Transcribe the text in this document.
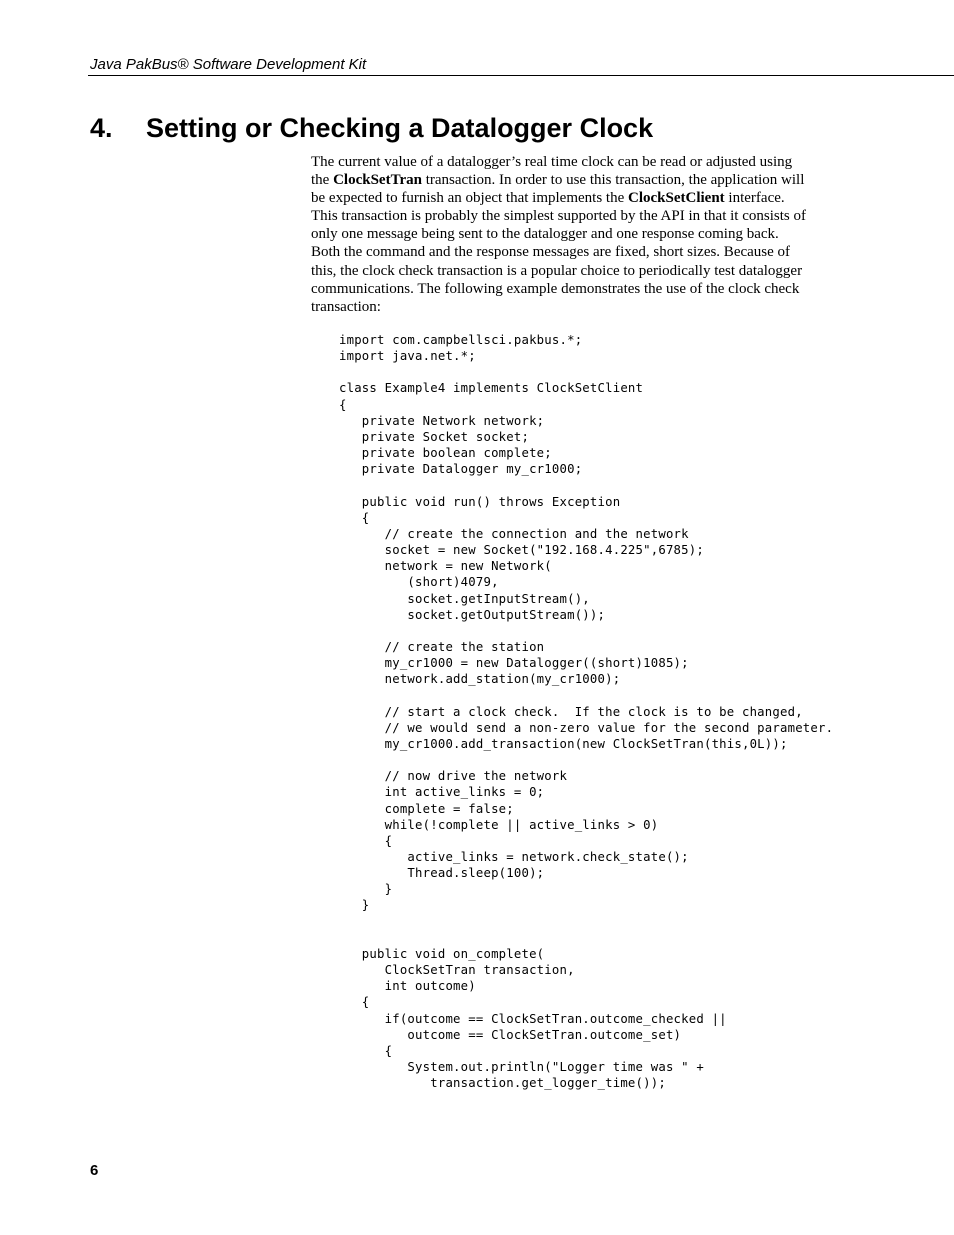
Java PakBus® Software Development Kit
4. Setting or Checking a Datalogger Clock

The current value of a datalogger’s real time clock can be read or adjusted using the ClockSetTran transaction. In order to use this transaction, the application will be expected to furnish an object that implements the ClockSetClient interface. This transaction is probably the simplest supported by the API in that it consists of only one message being sent to the datalogger and one response coming back. Both the command and the response messages are fixed, short sizes. Because of this, the clock check transaction is a popular choice to periodically test datalogger communications. The following example demonstrates the use of the clock check transaction:

import com.campbellsci.pakbus.*;
import java.net.*;

class Example4 implements ClockSetClient
{
private Network network;
private Socket socket;
private boolean complete;
private Datalogger my_cr1000;

public void run() throws Exception
{
// create the connection and the network
socket = new Socket("192.168.4.225",6785);
network = new Network(
(short)4079,
socket.getInputStream(),
socket.getOutputStream());

// create the station
my_cr1000 = new Datalogger((short)1085);
network.add_station(my_cr1000);

// start a clock check.  If the clock is to be changed,
// we would send a non-zero value for the second parameter.
my_cr1000.add_transaction(new ClockSetTran(this,0L));

// now drive the network
int active_links = 0;
complete = false;
while(!complete || active_links > 0)
{
active_links = network.check_state();
Thread.sleep(100);
}
}

public void on_complete(
ClockSetTran transaction,
int outcome)
{
if(outcome == ClockSetTran.outcome_checked ||
outcome == ClockSetTran.outcome_set)
{
System.out.println("Logger time was " +
transaction.get_logger_time());
6
